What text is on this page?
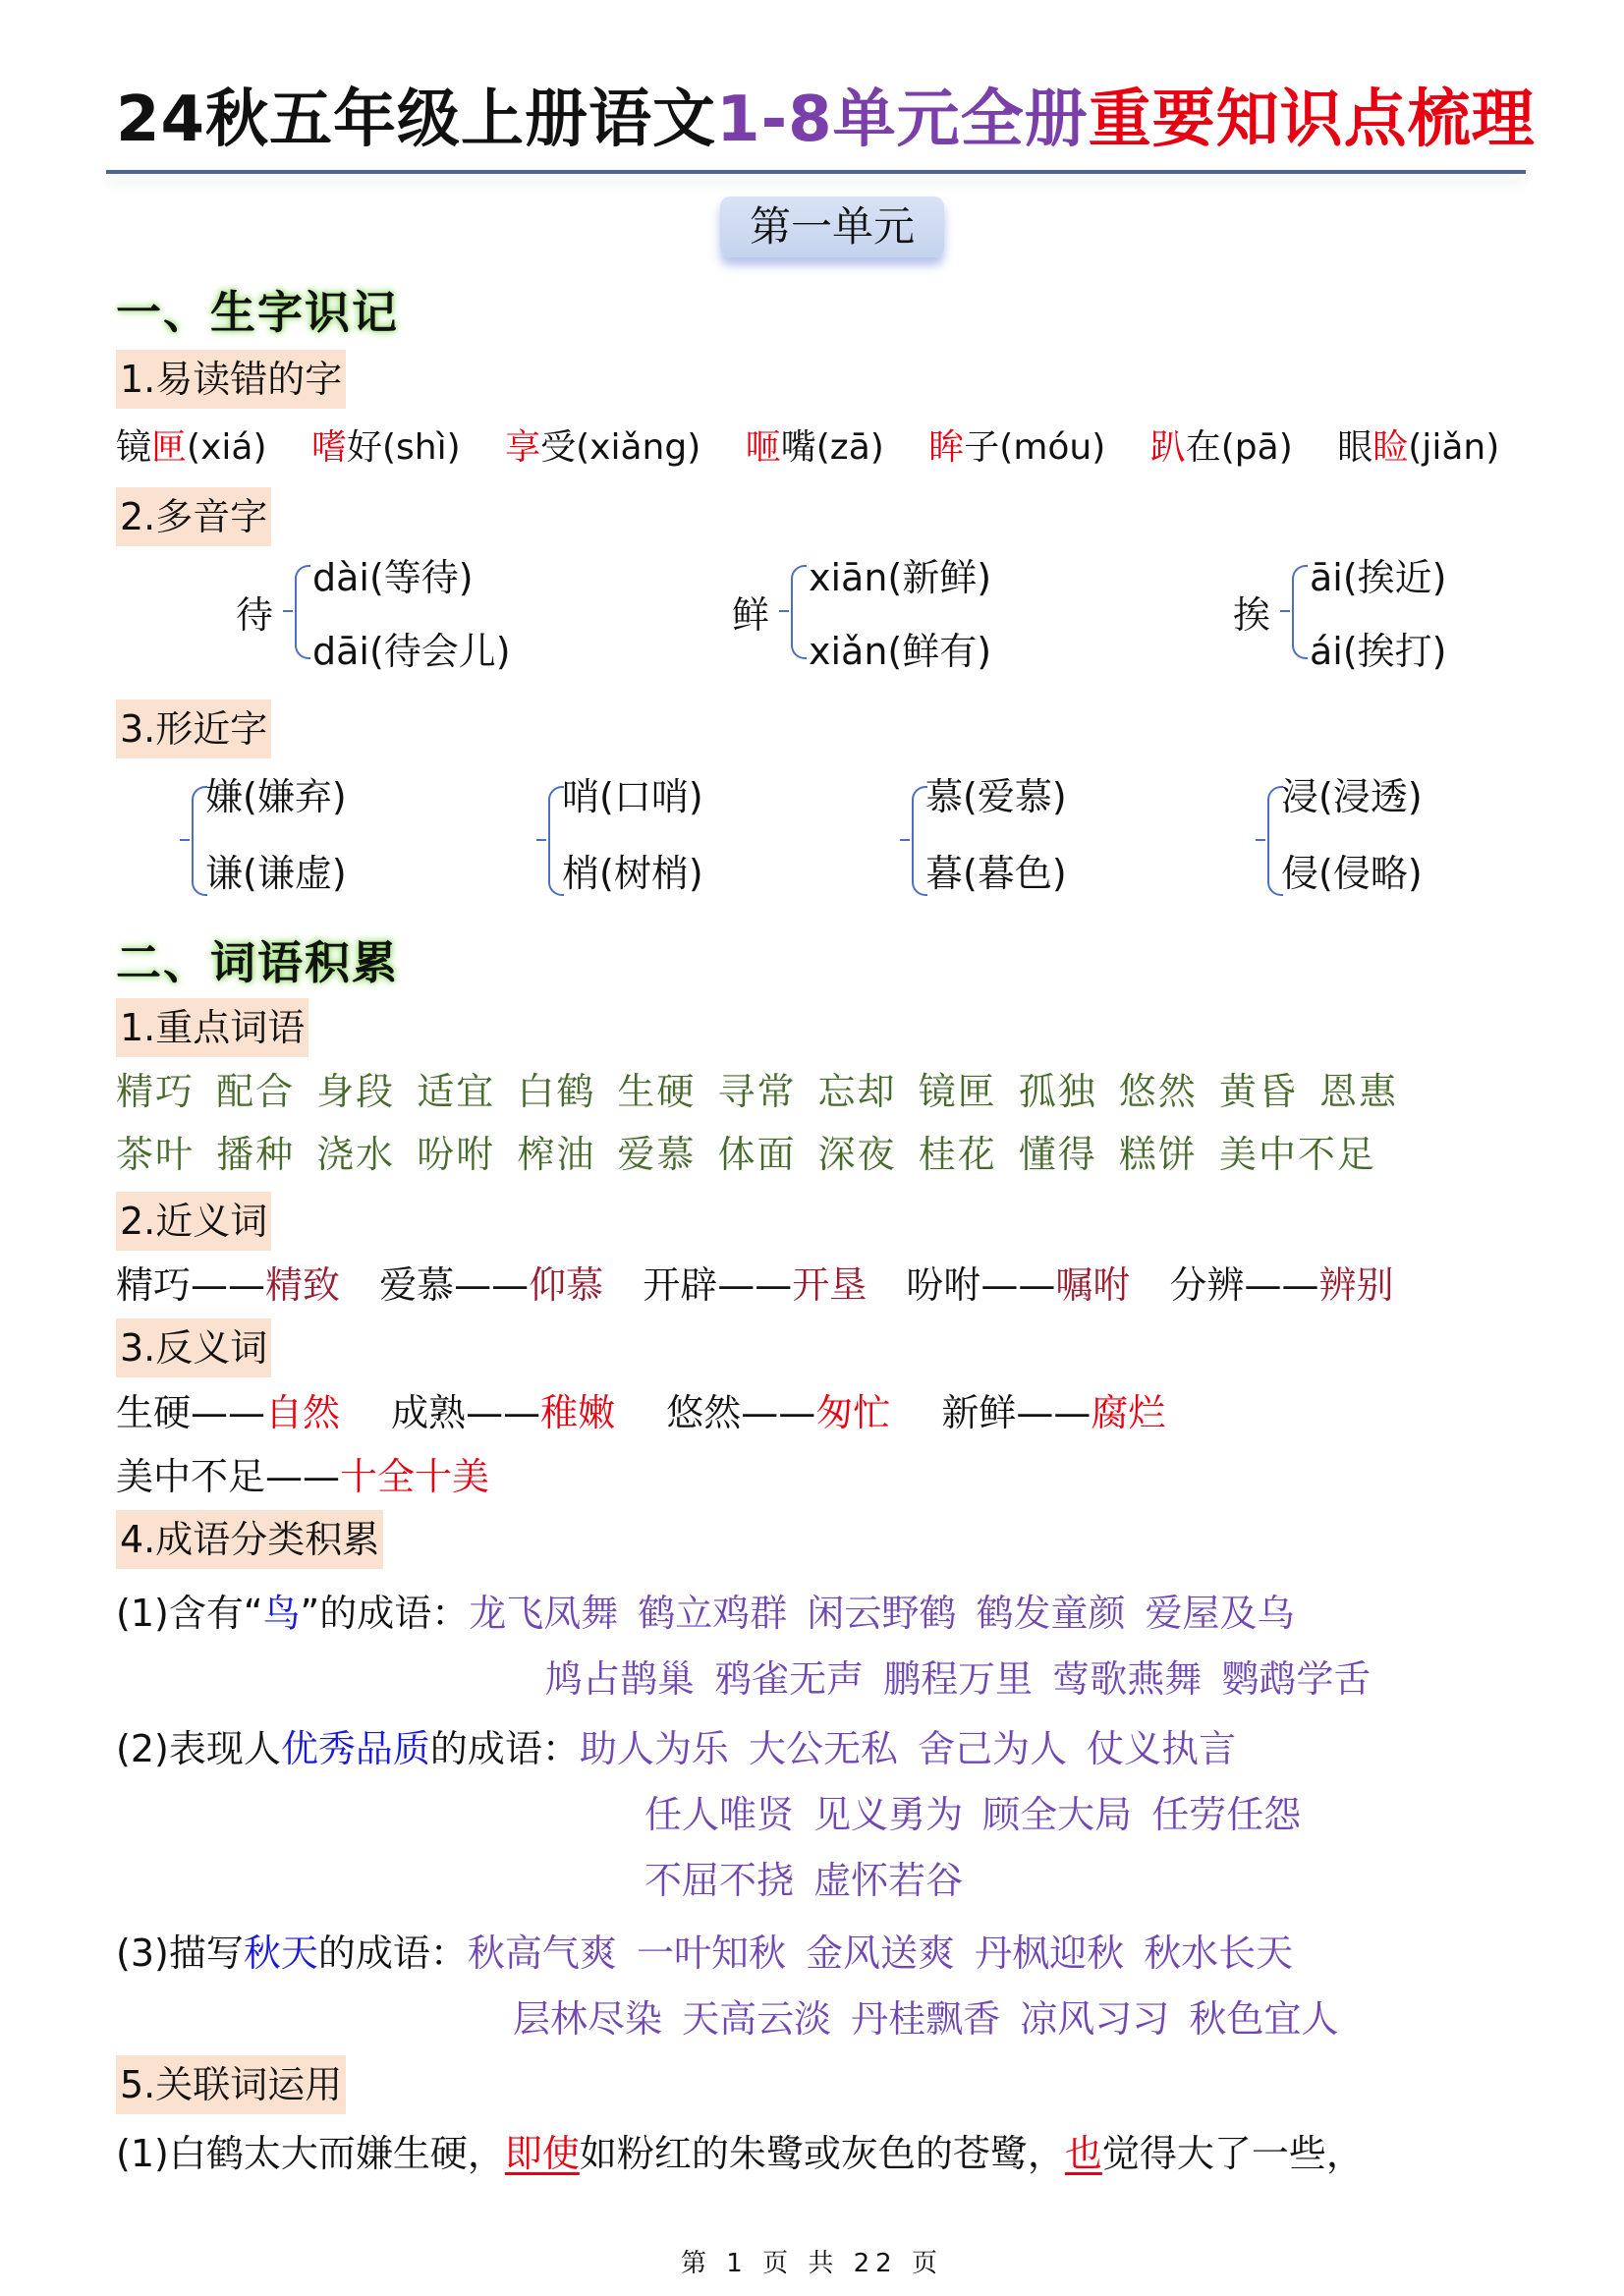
24秋五年级上册语文1-8单元全册重要知识点梳理
第一单元
一、生字识记
1.易读错的字
镜匣(xiá) 嗜好(shì) 享受(xiǎng) 咂嘴(zā) 眸子(móu) 趴在(pā) 眼睑(jiǎn)
2.多音字
待
dài(等待)
dāi(待会儿)
鲜
xiān(新鲜)
xiǎn(鲜有)
挨
āi(挨近)
ái(挨打)
3.形近字
嫌(嫌弃)
谦(谦虚)
哨(口哨)
梢(树梢)
慕(爱慕)
暮(暮色)
浸(浸透)
侵(侵略)
二、词语积累
1.重点词语
精巧 配合 身段 适宜 白鹤 生硬 寻常 忘却 镜匣 孤独 悠然 黄昏 恩惠
茶叶 播种 浇水 吩咐 榨油 爱慕 体面 深夜 桂花 懂得 糕饼 美中不足
2.近义词
精巧——精致 爱慕——仰慕 开辟——开垦 吩咐——嘱咐 分辨——辨别
3.反义词
生硬——自然 成熟——稚嫩 悠然——匆忙 新鲜——腐烂
美中不足——十全十美
4.成语分类积累
(1)含有“鸟”的成语：龙飞凤舞 鹤立鸡群 闲云野鹤 鹤发童颜 爱屋及乌
鸠占鹊巢 鸦雀无声 鹏程万里 莺歌燕舞 鹦鹉学舌
(2)表现人优秀品质的成语：助人为乐 大公无私 舍己为人 仗义执言
任人唯贤 见义勇为 顾全大局 任劳任怨
不屈不挠 虚怀若谷
(3)描写秋天的成语：秋高气爽 一叶知秋 金风送爽 丹枫迎秋 秋水长天
层林尽染 天高云淡 丹桂飘香 凉风习习 秋色宜人
5.关联词运用
(1)白鹤太大而嫌生硬，即使如粉红的朱鹭或灰色的苍鹭，也觉得大了一些，
第 1 页 共 22 页
